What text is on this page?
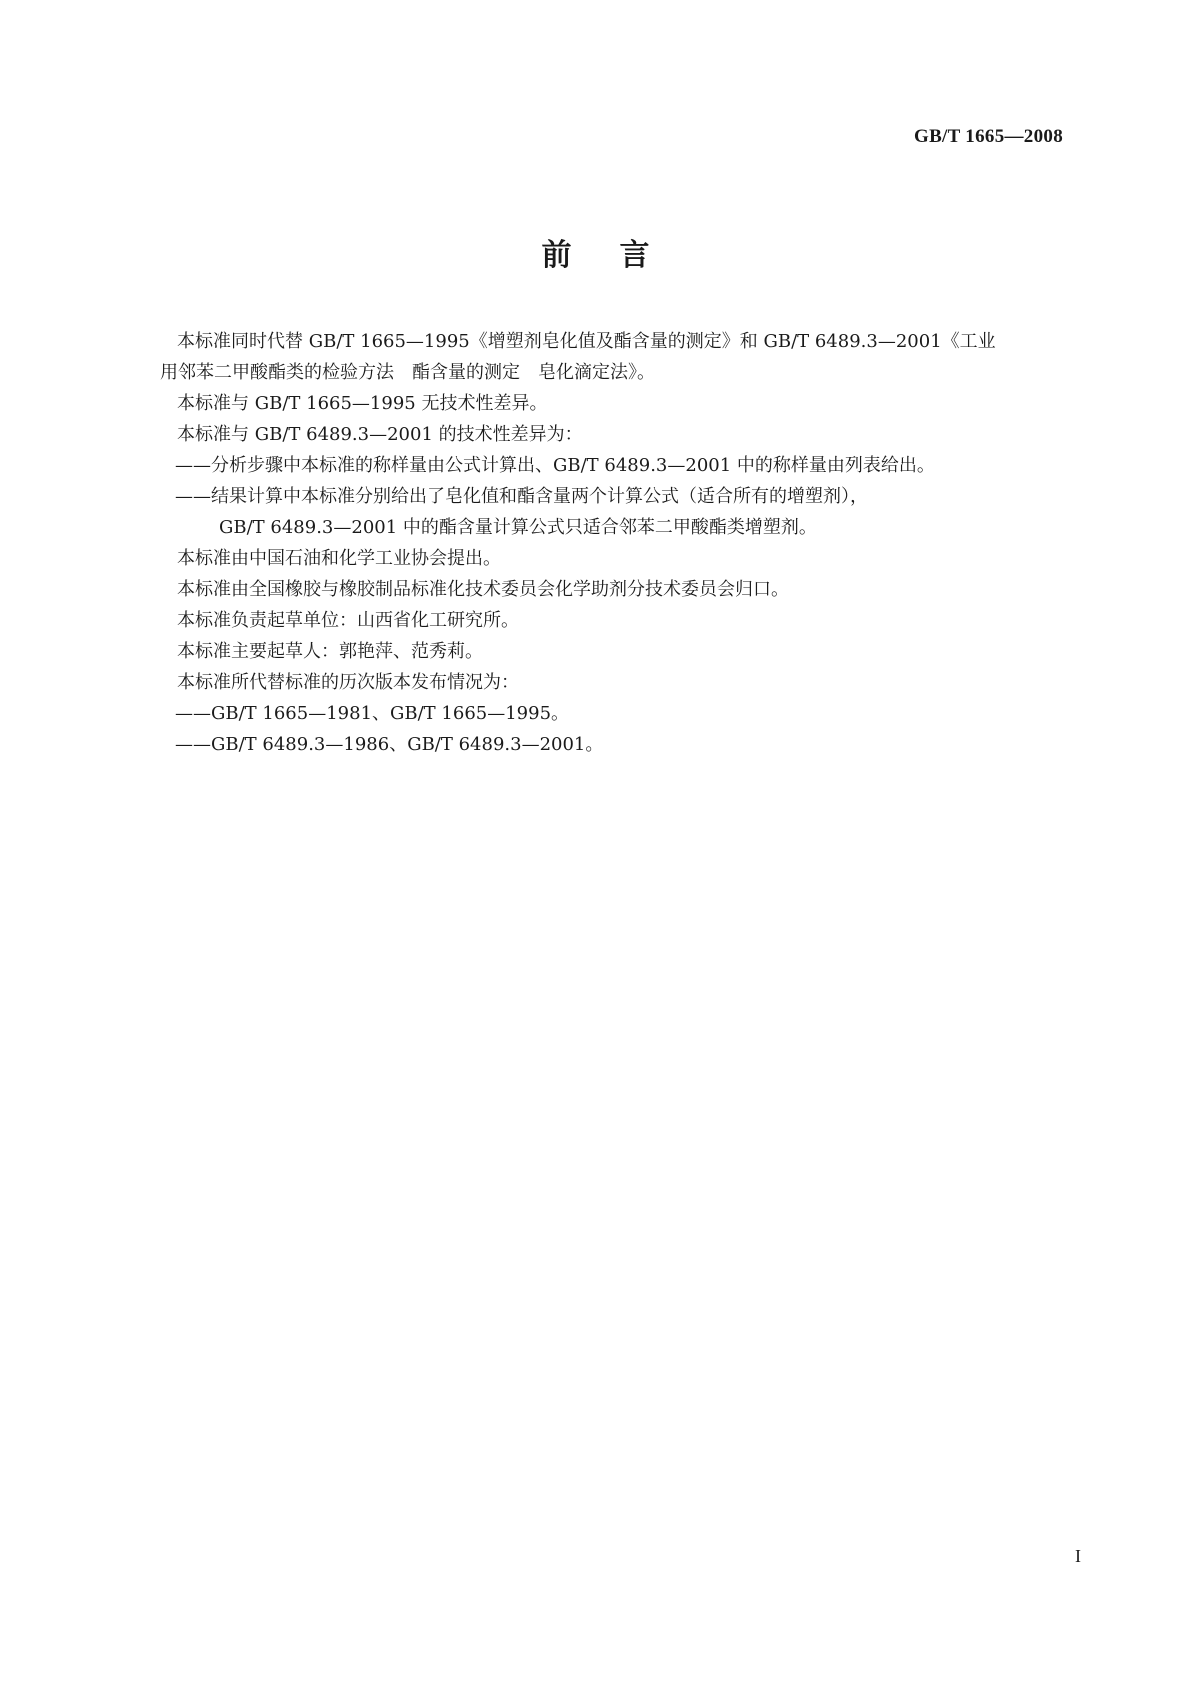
GB/T 1665—2008
前言

本标准同时代替 GB/T 1665—1995《增塑剂皂化值及酯含量的测定》和 GB/T 6489.3—2001《工业

用邻苯二甲酸酯类的检验方法　酯含量的测定　皂化滴定法》。

本标准与 GB/T 1665—1995 无技术性差异。

本标准与 GB/T 6489.3—2001 的技术性差异为：

——分析步骤中本标准的称样量由公式计算出、GB/T 6489.3—2001 中的称样量由列表给出。

——结果计算中本标准分别给出了皂化值和酯含量两个计算公式（适合所有的增塑剂），

GB/T 6489.3—2001 中的酯含量计算公式只适合邻苯二甲酸酯类增塑剂。

本标准由中国石油和化学工业协会提出。

本标准由全国橡胶与橡胶制品标准化技术委员会化学助剂分技术委员会归口。

本标准负责起草单位：山西省化工研究所。

本标准主要起草人：郭艳萍、范秀莉。

本标准所代替标准的历次版本发布情况为：

——GB/T 1665—1981、GB/T 1665—1995。

——GB/T 6489.3—1986、GB/T 6489.3—2001。

I
